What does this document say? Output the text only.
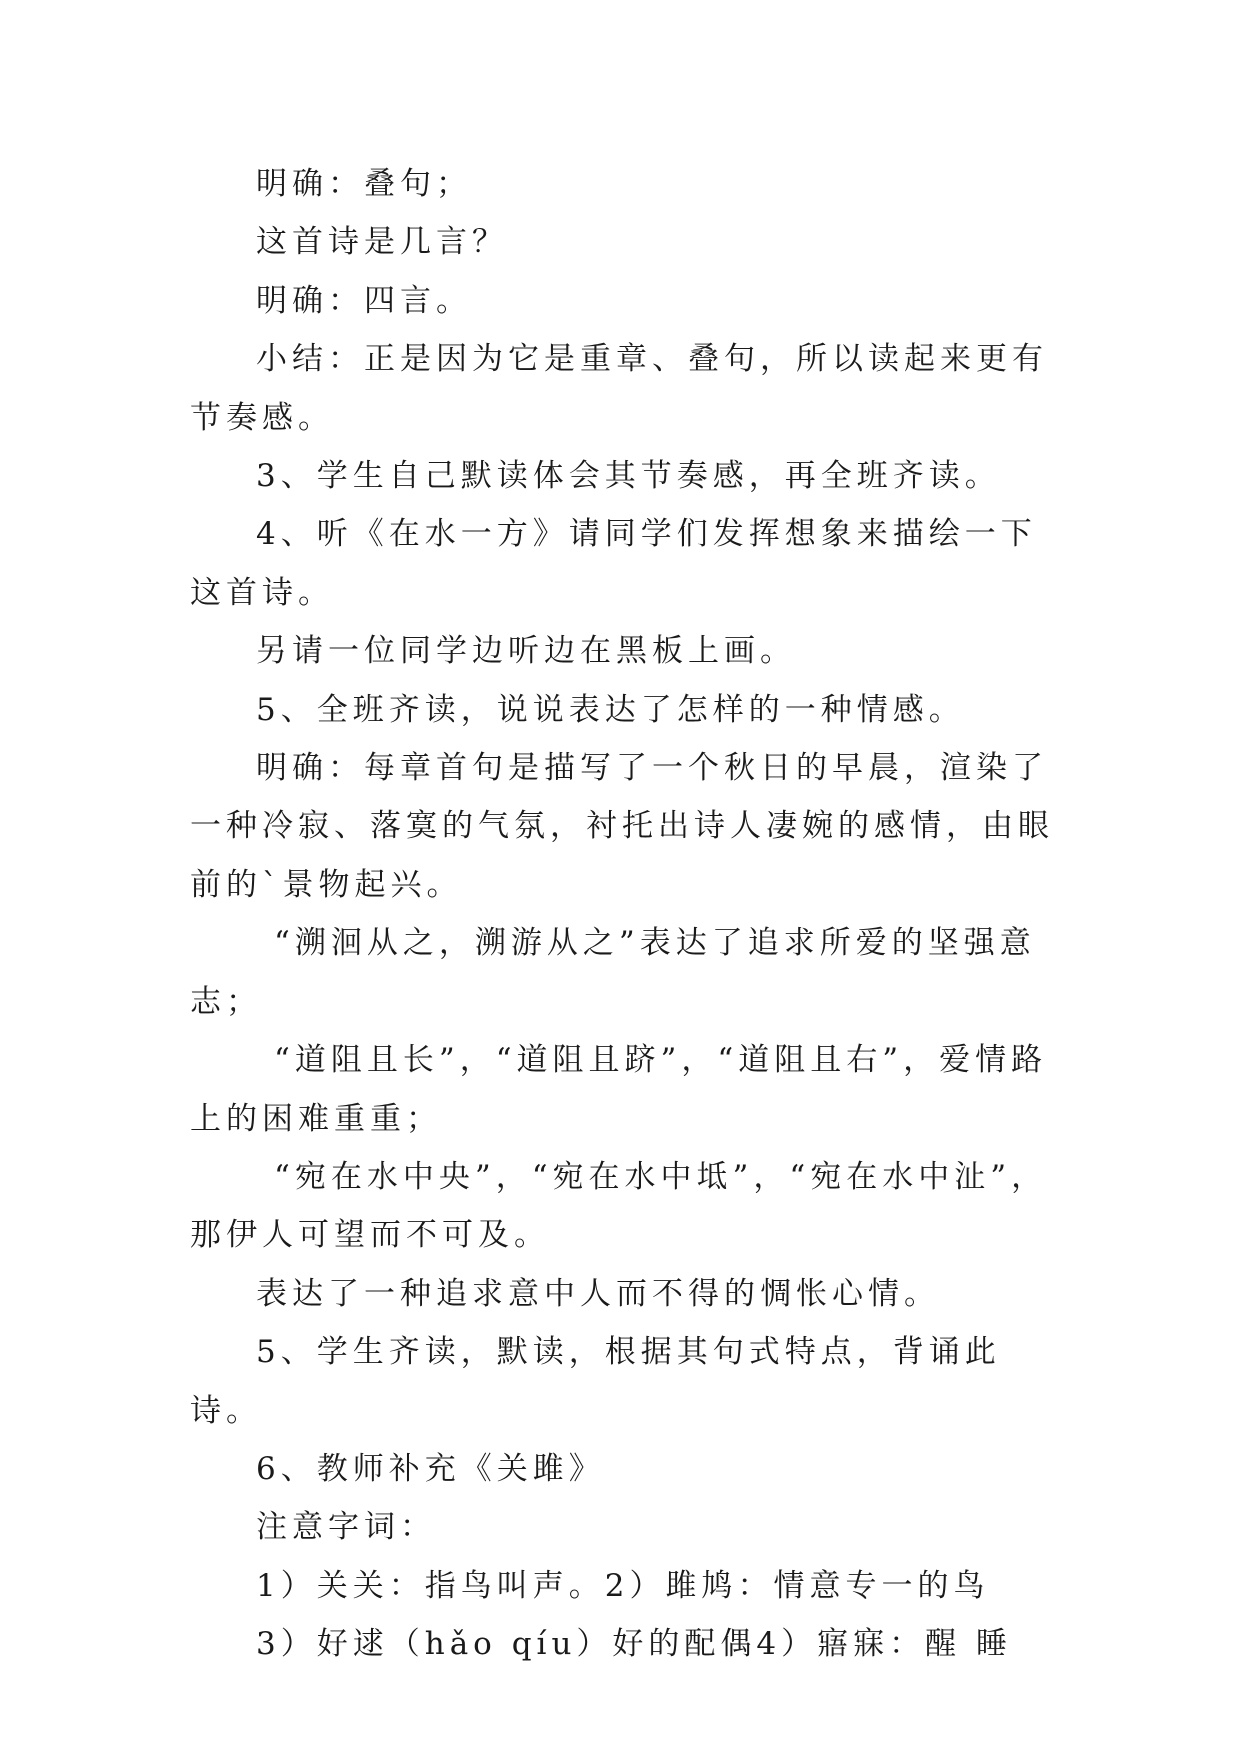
明确：叠句；

这首诗是几言？

明确：四言。

小结：正是因为它是重章、叠句，所以读起来更有节奏感。

3、学生自己默读体会其节奏感，再全班齐读。

4、听《在水一方》请同学们发挥想象来描绘一下这首诗。

另请一位同学边听边在黑板上画。

5、全班齐读，说说表达了怎样的一种情感。

明确：每章首句是描写了一个秋日的早晨，渲染了一种冷寂、落寞的气氛，衬托出诗人凄婉的感情，由眼前的`景物起兴。

“溯洄从之，溯游从之”表达了追求所爱的坚强意志；

“道阻且长”，“道阻且跻”，“道阻且右”，爱情路上的困难重重；

“宛在水中央”，“宛在水中坻”，“宛在水中沚”，那伊人可望而不可及。

表达了一种追求意中人而不得的惆怅心情。

5、学生齐读，默读，根据其句式特点，背诵此诗。

6、教师补充《关雎》

注意字词：

1）关关：指鸟叫声。2）雎鸠：情意专一的鸟

3）好逑（hǎo qíu）好的配偶4）寤寐：醒 睡
